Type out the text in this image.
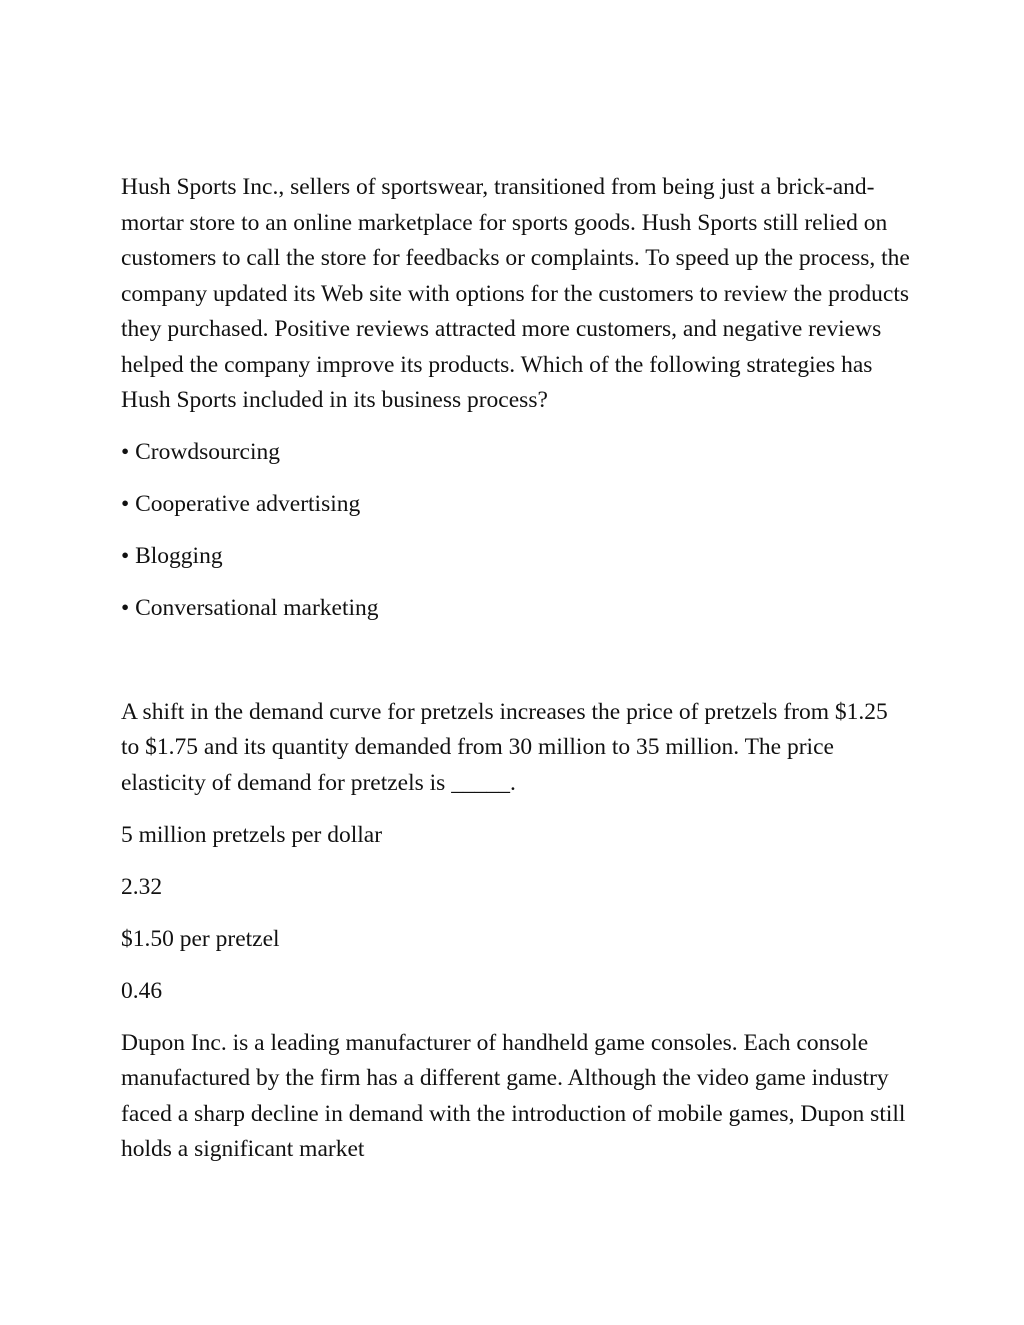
Hush Sports Inc., sellers of sportswear, transitioned from being just a brick-and-mortar store to an online marketplace for sports goods. Hush Sports still relied on customers to call the store for feedbacks or complaints. To speed up the process, the company updated its Web site with options for the customers to review the products they purchased. Positive reviews attracted more customers, and negative reviews helped the company improve its products. Which of the following strategies has Hush Sports included in its business process?

• Crowdsourcing

• Cooperative advertising

• Blogging

• Conversational marketing

A shift in the demand curve for pretzels increases the price of pretzels from $1.25 to $1.75 and its quantity demanded from 30 million to 35 million. The price elasticity of demand for pretzels is _____.

5 million pretzels per dollar

2.32

$1.50 per pretzel

0.46

Dupon Inc. is a leading manufacturer of handheld game consoles. Each console manufactured by the firm has a different game. Although the video game industry faced a sharp decline in demand with the introduction of mobile games, Dupon still holds a significant market
